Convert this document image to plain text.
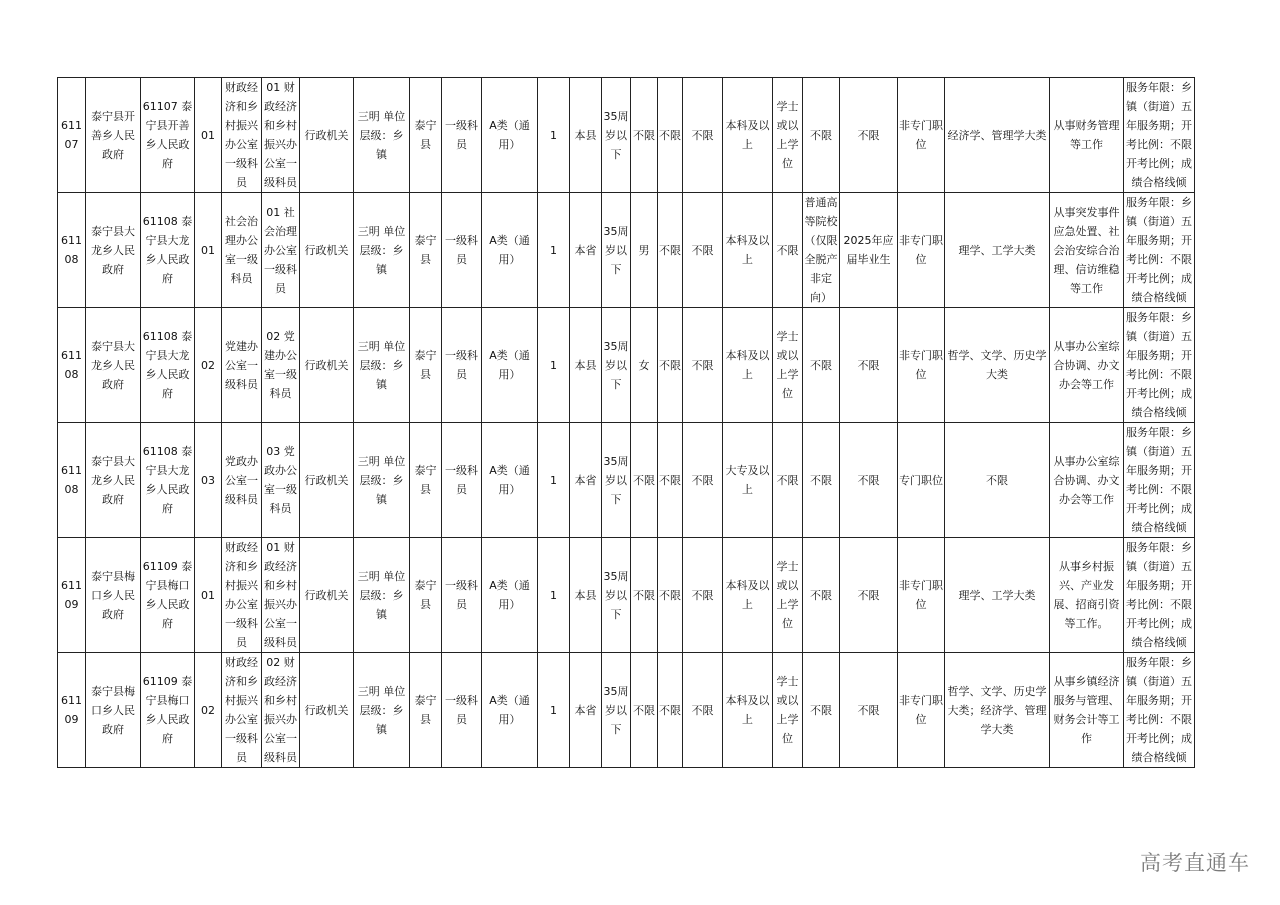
61107	泰宁县开善乡人民政府	61107 泰宁县开善乡人民政府	01	财政经济和乡村振兴办公室一级科员	01 财政经济和乡村振兴办公室一级科员	行政机关	三明 单位层级：乡镇	泰宁县	一级科员	A类（通用）	1	本县	35周岁以下	不限	不限	不限	本科及以上	学士或以上学位	不限	不限	非专门职位	经济学、管理学大类	从事财务管理等工作	服务年限：乡镇（街道）五年服务期；开考比例：不限开考比例；成绩合格线倾
61108	泰宁县大龙乡人民政府	61108 泰宁县大龙乡人民政府	01	社会治理办公室一级科员	01 社会治理办公室一级科员	行政机关	三明 单位层级：乡镇	泰宁县	一级科员	A类（通用）	1	本省	35周岁以下	男	不限	不限	本科及以上	不限	普通高等院校（仅限全脱产非定向）	2025年应届毕业生	非专门职位	理学、工学大类	从事突发事件应急处置、社会治安综合治理、信访维稳等工作	服务年限：乡镇（街道）五年服务期；开考比例：不限开考比例；成绩合格线倾
61108	泰宁县大龙乡人民政府	61108 泰宁县大龙乡人民政府	02	党建办公室一级科员	02 党建办公室一级科员	行政机关	三明 单位层级：乡镇	泰宁县	一级科员	A类（通用）	1	本县	35周岁以下	女	不限	不限	本科及以上	学士或以上学位	不限	不限	非专门职位	哲学、文学、历史学大类	从事办公室综合协调、办文办会等工作	服务年限：乡镇（街道）五年服务期；开考比例：不限开考比例；成绩合格线倾
61108	泰宁县大龙乡人民政府	61108 泰宁县大龙乡人民政府	03	党政办公室一级科员	03 党政办公室一级科员	行政机关	三明 单位层级：乡镇	泰宁县	一级科员	A类（通用）	1	本省	35周岁以下	不限	不限	不限	大专及以上	不限	不限	不限	专门职位	不限	从事办公室综合协调、办文办会等工作	服务年限：乡镇（街道）五年服务期；开考比例：不限开考比例；成绩合格线倾
61109	泰宁县梅口乡人民政府	61109 泰宁县梅口乡人民政府	01	财政经济和乡村振兴办公室一级科员	01 财政经济和乡村振兴办公室一级科员	行政机关	三明 单位层级：乡镇	泰宁县	一级科员	A类（通用）	1	本县	35周岁以下	不限	不限	不限	本科及以上	学士或以上学位	不限	不限	非专门职位	理学、工学大类	从事乡村振兴、产业发展、招商引资等工作。	服务年限：乡镇（街道）五年服务期；开考比例：不限开考比例；成绩合格线倾
61109	泰宁县梅口乡人民政府	61109 泰宁县梅口乡人民政府	02	财政经济和乡村振兴办公室一级科员	02 财政经济和乡村振兴办公室一级科员	行政机关	三明 单位层级：乡镇	泰宁县	一级科员	A类（通用）	1	本省	35周岁以下	不限	不限	不限	本科及以上	学士或以上学位	不限	不限	非专门职位	哲学、文学、历史学大类；经济学、管理学大类	从事乡镇经济服务与管理、财务会计等工作	服务年限：乡镇（街道）五年服务期；开考比例：不限开考比例；成绩合格线倾
高考直通车
